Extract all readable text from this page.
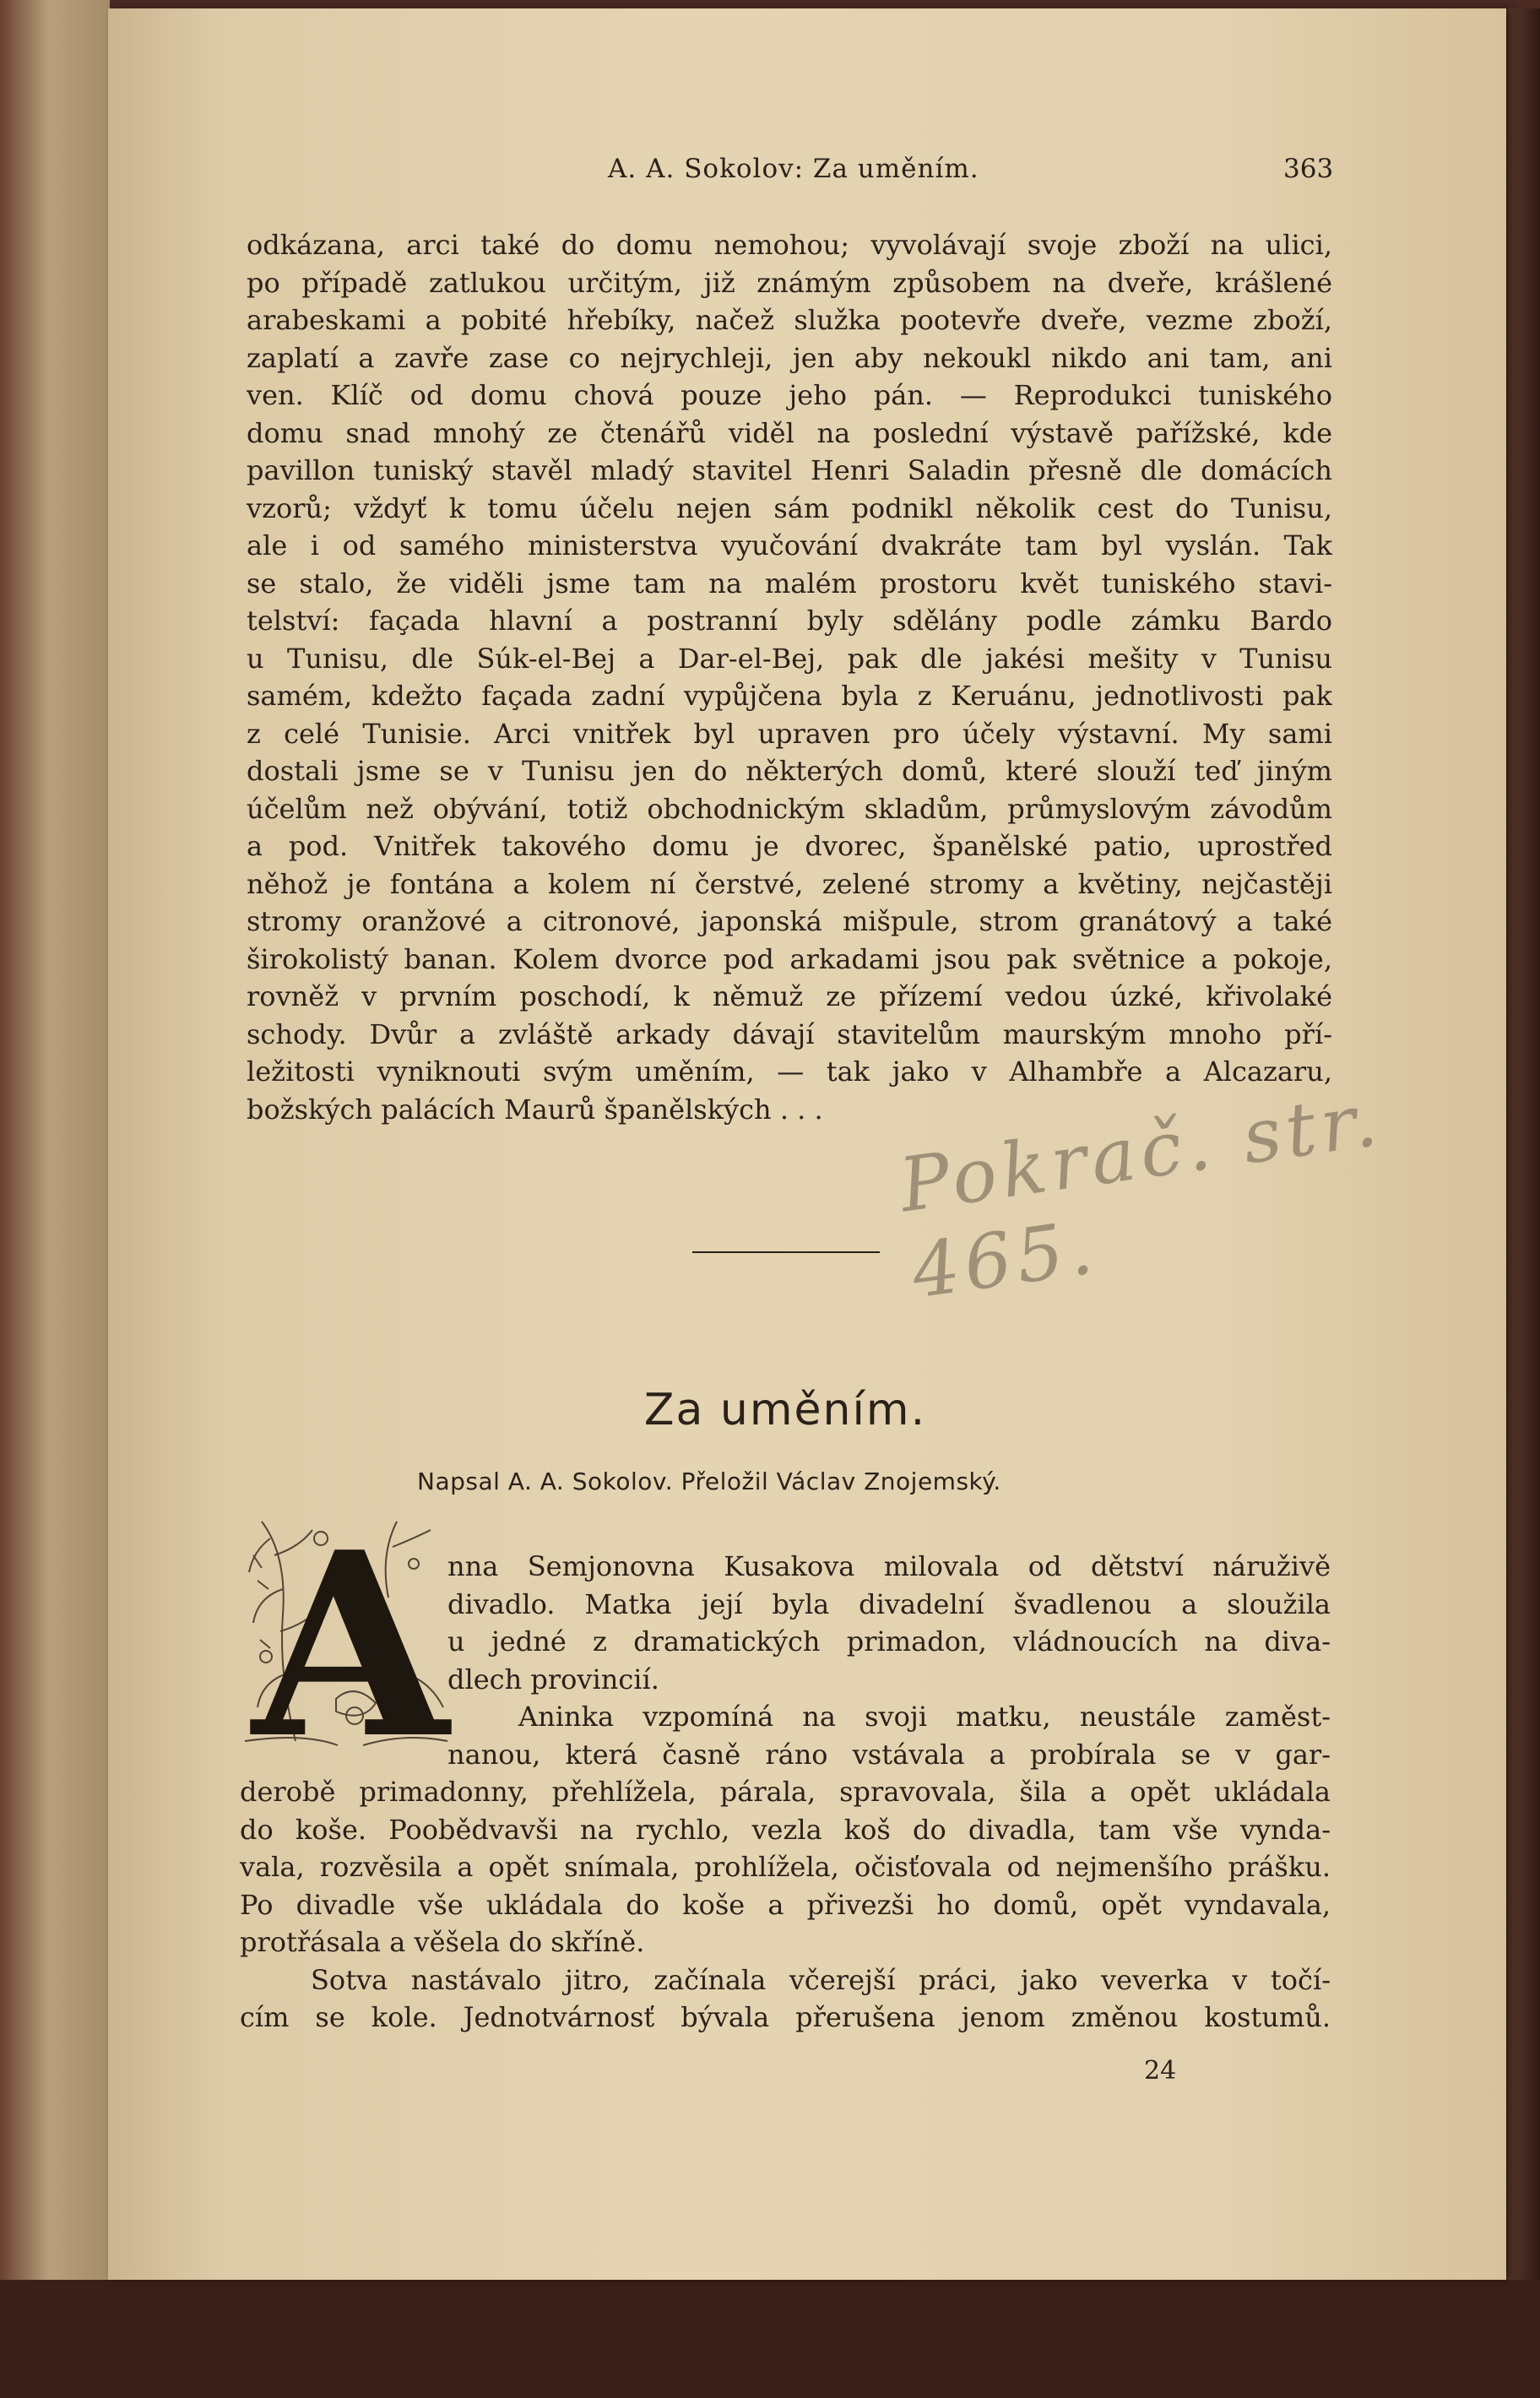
A. A. Sokolov: Za uměním.	363
odkázana, arci také do domu nemohou; vyvolávají svoje zboží na ulici,
po případě zatlukou určitým, již známým způsobem na dveře, krášlené
arabeskami a pobité hřebíky, načež služka pootevře dveře, vezme zboží,
zaplatí a zavře zase co nejrychleji, jen aby nekoukl nikdo ani tam, ani
ven. Klíč od domu chová pouze jeho pán. — Reprodukci tuniského
domu snad mnohý ze čtenářů viděl na poslední výstavě pařížské, kde
pavillon tuniský stavěl mladý stavitel Henri Saladin přesně dle domácích
vzorů; vždyť k tomu účelu nejen sám podnikl několik cest do Tunisu,
ale i od samého ministerstva vyučování dvakráte tam byl vyslán. Tak
se stalo, že viděli jsme tam na malém prostoru květ tuniského stavi-
telství: façada hlavní a postranní byly sdělány podle zámku Bardo
u Tunisu, dle Súk-el-Bej a Dar-el-Bej, pak dle jakési mešity v Tunisu
samém, kdežto façada zadní vypůjčena byla z Keruánu, jednotlivosti pak
z celé Tunisie. Arci vnitřek byl upraven pro účely výstavní. My sami
dostali jsme se v Tunisu jen do některých domů, které slouží teď jiným
účelům než obývání, totiž obchodnickým skladům, průmyslovým závodům
a pod. Vnitřek takového domu je dvorec, španělské patio, uprostřed
něhož je fontána a kolem ní čerstvé, zelené stromy a květiny, nejčastěji
stromy oranžové a citronové, japonská mišpule, strom granátový a také
širokolistý banan. Kolem dvorce pod arkadami jsou pak světnice a pokoje,
rovněž v prvním poschodí, k němuž ze přízemí vedou úzké, křivolaké
schody. Dvůr a zvláště arkady dávají stavitelům maurským mnoho pří-
ležitosti vyniknouti svým uměním, — tak jako v Alhambře a Alcazaru,
božských palácích Maurů španělských . . . Pokrač. str. 465.
Za uměním.
Napsal A. A. Sokolov. Přeložil Václav Znojemský.
A
nna Semjonovna Kusakova milovala od dětství náruživě
divadlo. Matka její byla divadelní švadlenou a sloužila
u jedné z dramatických primadon, vládnoucích na diva-
dlech provincií.
Aninka vzpomíná na svoji matku, neustále zaměst-
nanou, která časně ráno vstávala a probírala se v gar-
derobě primadonny, přehlížela, párala, spravovala, šila a opět ukládala
do koše. Poobědvavši na rychlo, vezla koš do divadla, tam vše vynda-
vala, rozvěsila a opět snímala, prohlížela, očisťovala od nejmenšího prášku.
Po divadle vše ukládala do koše a přivezši ho domů, opět vyndavala,
protřásala a věšela do skříně.
Sotva nastávalo jitro, začínala včerejší práci, jako veverka v točí-
cím se kole. Jednotvárnosť bývala přerušena jenom změnou kostumů.
24
